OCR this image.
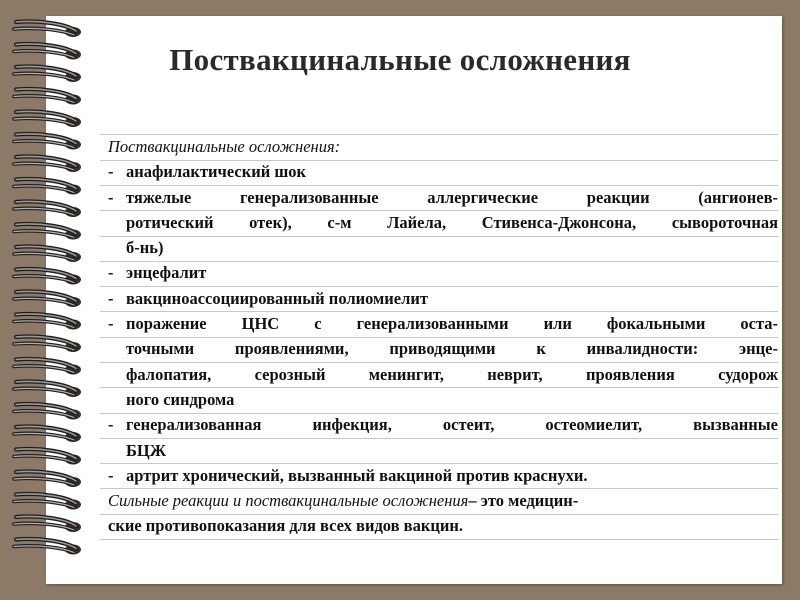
Поствакцинальные осложнения
Поствакцинальные осложнения:
- анафилактический шок
- тяжелые генерализованные аллергические реакции (ангионев-
ротический отек), с-м Лайела, Стивенса-Джонсона, сывороточная
б-нь)
- энцефалит
- вакциноассоциированный полиомиелит
- поражение ЦНС с генерализованными или фокальными оста-
точными проявлениями, приводящими к инвалидности: энце-
фалопатия, серозный менингит, неврит, проявления судорож
ного синдрома
- генерализованная инфекция, остеит, остеомиелит, вызванные
БЦЖ
- артрит хронический, вызванный вакциной против краснухи.
Сильные реакции и поствакцинальные осложнения – это медицин-
ские противопоказания для всех видов вакцин.
